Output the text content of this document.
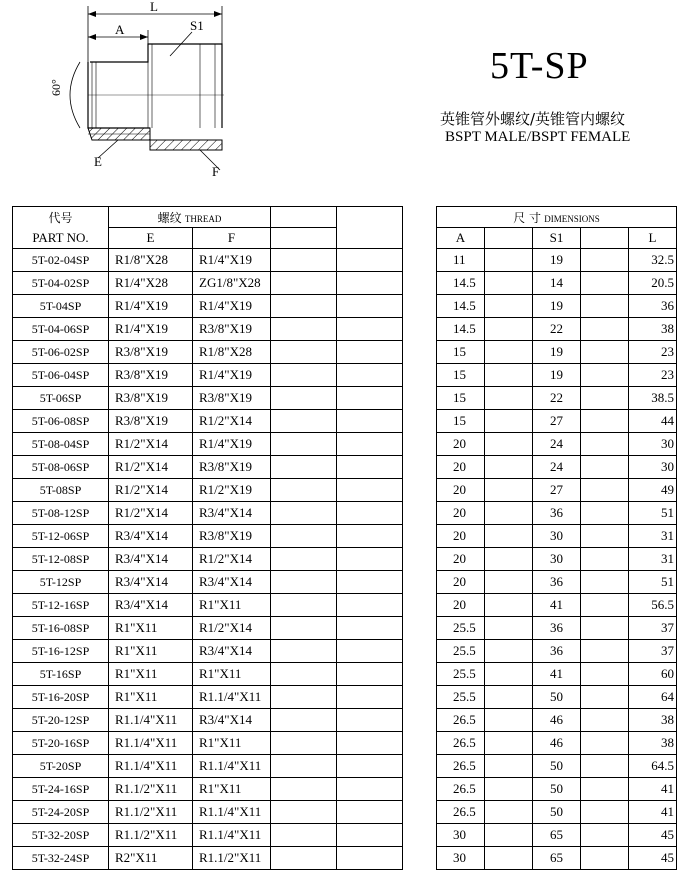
L
A	S1
60°
E
F
5T-SP
英锥管外螺纹/英锥管内螺纹
BSPT MALE/BSPT FEMALE
代号	螺纹 THREAD					尺 寸 DIMENSIONS				
PART NO.	E	F				A		S1		L
5T-02-04SP	R1/8"X28	R1/4"X19				11		19		32.5
5T-04-02SP	R1/4"X28	ZG1/8"X28				14.5		14		20.5
5T-04SP	R1/4"X19	R1/4"X19				14.5		19		36
5T-04-06SP	R1/4"X19	R3/8"X19				14.5		22		38
5T-06-02SP	R3/8"X19	R1/8"X28				15		19		23
5T-06-04SP	R3/8"X19	R1/4"X19				15		19		23
5T-06SP	R3/8"X19	R3/8"X19				15		22		38.5
5T-06-08SP	R3/8"X19	R1/2"X14				15		27		44
5T-08-04SP	R1/2"X14	R1/4"X19				20		24		30
5T-08-06SP	R1/2"X14	R3/8"X19				20		24		30
5T-08SP	R1/2"X14	R1/2"X19				20		27		49
5T-08-12SP	R1/2"X14	R3/4"X14				20		36		51
5T-12-06SP	R3/4"X14	R3/8"X19				20		30		31
5T-12-08SP	R3/4"X14	R1/2"X14				20		30		31
5T-12SP	R3/4"X14	R3/4"X14				20		36		51
5T-12-16SP	R3/4"X14	R1"X11				20		41		56.5
5T-16-08SP	R1"X11	R1/2"X14				25.5		36		37
5T-16-12SP	R1"X11	R3/4"X14				25.5		36		37
5T-16SP	R1"X11	R1"X11				25.5		41		60
5T-16-20SP	R1"X11	R1.1/4"X11				25.5		50		64
5T-20-12SP	R1.1/4"X11	R3/4"X14				26.5		46		38
5T-20-16SP	R1.1/4"X11	R1"X11				26.5		46		38
5T-20SP	R1.1/4"X11	R1.1/4"X11				26.5		50		64.5
5T-24-16SP	R1.1/2"X11	R1"X11				26.5		50		41
5T-24-20SP	R1.1/2"X11	R1.1/4"X11				26.5		50		41
5T-32-20SP	R1.1/2"X11	R1.1/4"X11				30		65		45
5T-32-24SP	R2"X11	R1.1/2"X11				30		65		45
